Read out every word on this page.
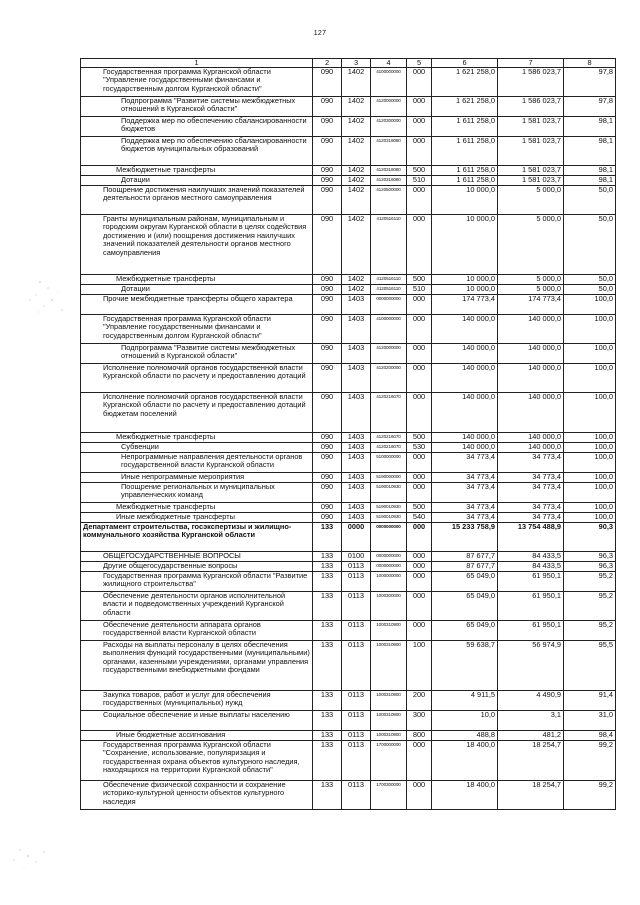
127
1	2	3	4	5	6	7	8
Государственная программа Курганской области "Управление государственными финансами и государственным долгом Курганской области"	090	1402	4100000000	000	1 621 258,0	1 586 023,7	97,8
Подпрограмма "Развитие системы межбюджетных отношений в Курганской области"	090	1402	4120000000	000	1 621 258,0	1 586 023,7	97,8
Поддержка мер по обеспечению сбалансированности бюджетов	090	1402	4120300000	000	1 611 258,0	1 581 023,7	98,1
Поддержка мер по обеспечению сбалансированности бюджетов муниципальных образований	090	1402	4120316080	000	1 611 258,0	1 581 023,7	98,1
Межбюджетные трансферты	090	1402	4120316080	500	1 611 258,0	1 581 023,7	98,1
Дотации	090	1402	4120316080	510	1 611 258,0	1 581 023,7	98,1
Поощрение достижения наилучших значений показателей деятельности органов местного самоуправления	090	1402	4120500000	000	10 000,0	5 000,0	50,0
Гранты муниципальным районам, муниципальным и городским округам Курганской области в целях содействия достижению и (или) поощрения достижения наилучших значений показателей деятельности органов местного самоуправления	090	1402	4120516110	000	10 000,0	5 000,0	50,0
Межбюджетные трансферты	090	1402	4120516110	500	10 000,0	5 000,0	50,0
Дотации	090	1402	4120516110	510	10 000,0	5 000,0	50,0
Прочие межбюджетные трансферты общего характера	090	1403	0000000000	000	174 773,4	174 773,4	100,0
Государственная программа Курганской области "Управление государственными финансами и государственным долгом Курганской области"	090	1403	4100000000	000	140 000,0	140 000,0	100,0
Подпрограмма "Развитие системы межбюджетных отношений в Курганской области"	090	1403	4120000000	000	140 000,0	140 000,0	100,0
Исполнение полномочий органов государственной власти Курганской области по расчету и предоставлению дотаций	090	1403	4120200000	000	140 000,0	140 000,0	100,0
Исполнение полномочий органов государственной власти Курганской области по расчету и предоставлению дотаций бюджетам поселений	090	1403	4120216070	000	140 000,0	140 000,0	100,0
Межбюджетные трансферты	090	1403	4120216070	500	140 000,0	140 000,0	100,0
Субвенции	090	1403	4120216070	530	140 000,0	140 000,0	100,0
Непрограммные направления деятельности органов государственной власти Курганской области	090	1403	5100000000	000	34 773,4	34 773,4	100,0
Иные непрограммные мероприятия	090	1403	5190000000	000	34 773,4	34 773,4	100,0
Поощрение региональных и муниципальных управленческих команд	090	1403	5190010930	000	34 773,4	34 773,4	100,0
Межбюджетные трансферты	090	1403	5190010930	500	34 773,4	34 773,4	100,0
Иные межбюджетные трансферты	090	1403	5190010930	540	34 773,4	34 773,4	100,0
Департамент строительства, госэкспертизы и жилищно-коммунального хозяйства Курганской области	133	0000	0000000000	000	15 233 758,9	13 754 488,9	90,3
ОБЩЕГОСУДАРСТВЕННЫЕ ВОПРОСЫ	133	0100	0000000000	000	87 677,7	84 433,5	96,3
Другие общегосударственные вопросы	133	0113	0000000000	000	87 677,7	84 433,5	96,3
Государственная программа Курганской области "Развитие жилищного строительства"	133	0113	1000000000	000	65 049,0	61 950,1	95,2
Обеспечение деятельности органов исполнительной власти и подведомственных учреждений Курганской области	133	0113	1000300000	000	65 049,0	61 950,1	95,2
Обеспечение деятельности аппарата органов государственной власти Курганской области	133	0113	1000310900	000	65 049,0	61 950,1	95,2
Расходы на выплаты персоналу в целях обеспечения выполнения функций государственными (муниципальными) органами, казенными учреждениями, органами управления государственными внебюджетными фондами	133	0113	1000310900	100	59 638,7	56 974,9	95,5
Закупка товаров, работ и услуг для обеспечения государственных (муниципальных) нужд	133	0113	1000310900	200	4 911,5	4 490,9	91,4
Социальное обеспечение и иные выплаты населению	133	0113	1000310900	300	10,0	3,1	31,0
Иные бюджетные ассигнования	133	0113	1000310900	800	488,8	481,2	98,4
Государственная программа Курганской области "Сохранение, использование, популяризация и государственная охрана объектов культурного наследия, находящихся на территории Курганской области"	133	0113	1700000000	000	18 400,0	18 254,7	99,2
Обеспечение физической сохранности и сохранение историко-культурной ценности объектов культурного наследия	133	0113	1700300000	000	18 400,0	18 254,7	99,2
